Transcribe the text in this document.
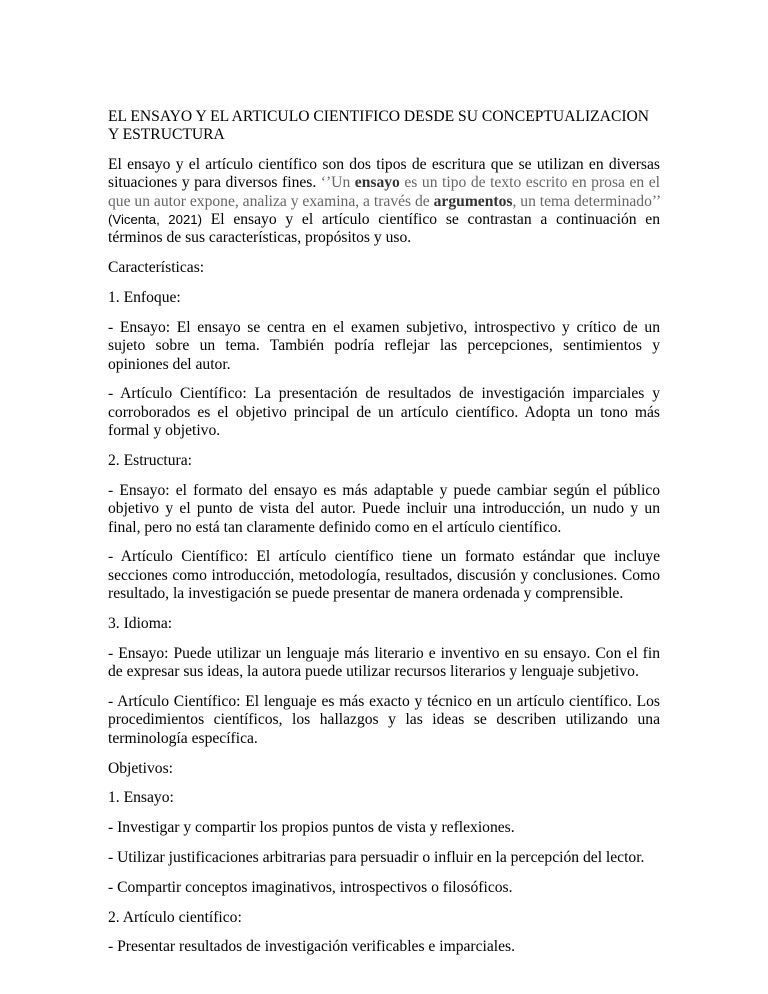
EL ENSAYO Y EL ARTICULO CIENTIFICO DESDE SU CONCEPTUALIZACION Y ESTRUCTURA

El ensayo y el artículo científico son dos tipos de escritura que se utilizan en diversas situaciones y para diversos fines. ‘’Un ensayo es un tipo de texto escrito en prosa en el que un autor expone, analiza y examina, a través de argumentos, un tema determinado’’ (Vicenta, 2021) El ensayo y el artículo científico se contrastan a continuación en términos de sus características, propósitos y uso.

Características:

1. Enfoque:

- Ensayo: El ensayo se centra en el examen subjetivo, introspectivo y crítico de un sujeto sobre un tema. También podría reflejar las percepciones, sentimientos y opiniones del autor.

- Artículo Científico: La presentación de resultados de investigación imparciales y corroborados es el objetivo principal de un artículo científico. Adopta un tono más formal y objetivo.

2. Estructura:

- Ensayo: el formato del ensayo es más adaptable y puede cambiar según el público objetivo y el punto de vista del autor. Puede incluir una introducción, un nudo y un final, pero no está tan claramente definido como en el artículo científico.

- Artículo Científico: El artículo científico tiene un formato estándar que incluye secciones como introducción, metodología, resultados, discusión y conclusiones. Como resultado, la investigación se puede presentar de manera ordenada y comprensible.

3. Idioma:

- Ensayo: Puede utilizar un lenguaje más literario e inventivo en su ensayo. Con el fin de expresar sus ideas, la autora puede utilizar recursos literarios y lenguaje subjetivo.

- Artículo Científico: El lenguaje es más exacto y técnico en un artículo científico. Los procedimientos científicos, los hallazgos y las ideas se describen utilizando una terminología específica.

Objetivos:

1. Ensayo:

- Investigar y compartir los propios puntos de vista y reflexiones.

- Utilizar justificaciones arbitrarias para persuadir o influir en la percepción del lector.

- Compartir conceptos imaginativos, introspectivos o filosóficos.

2. Artículo científico:

- Presentar resultados de investigación verificables e imparciales.
